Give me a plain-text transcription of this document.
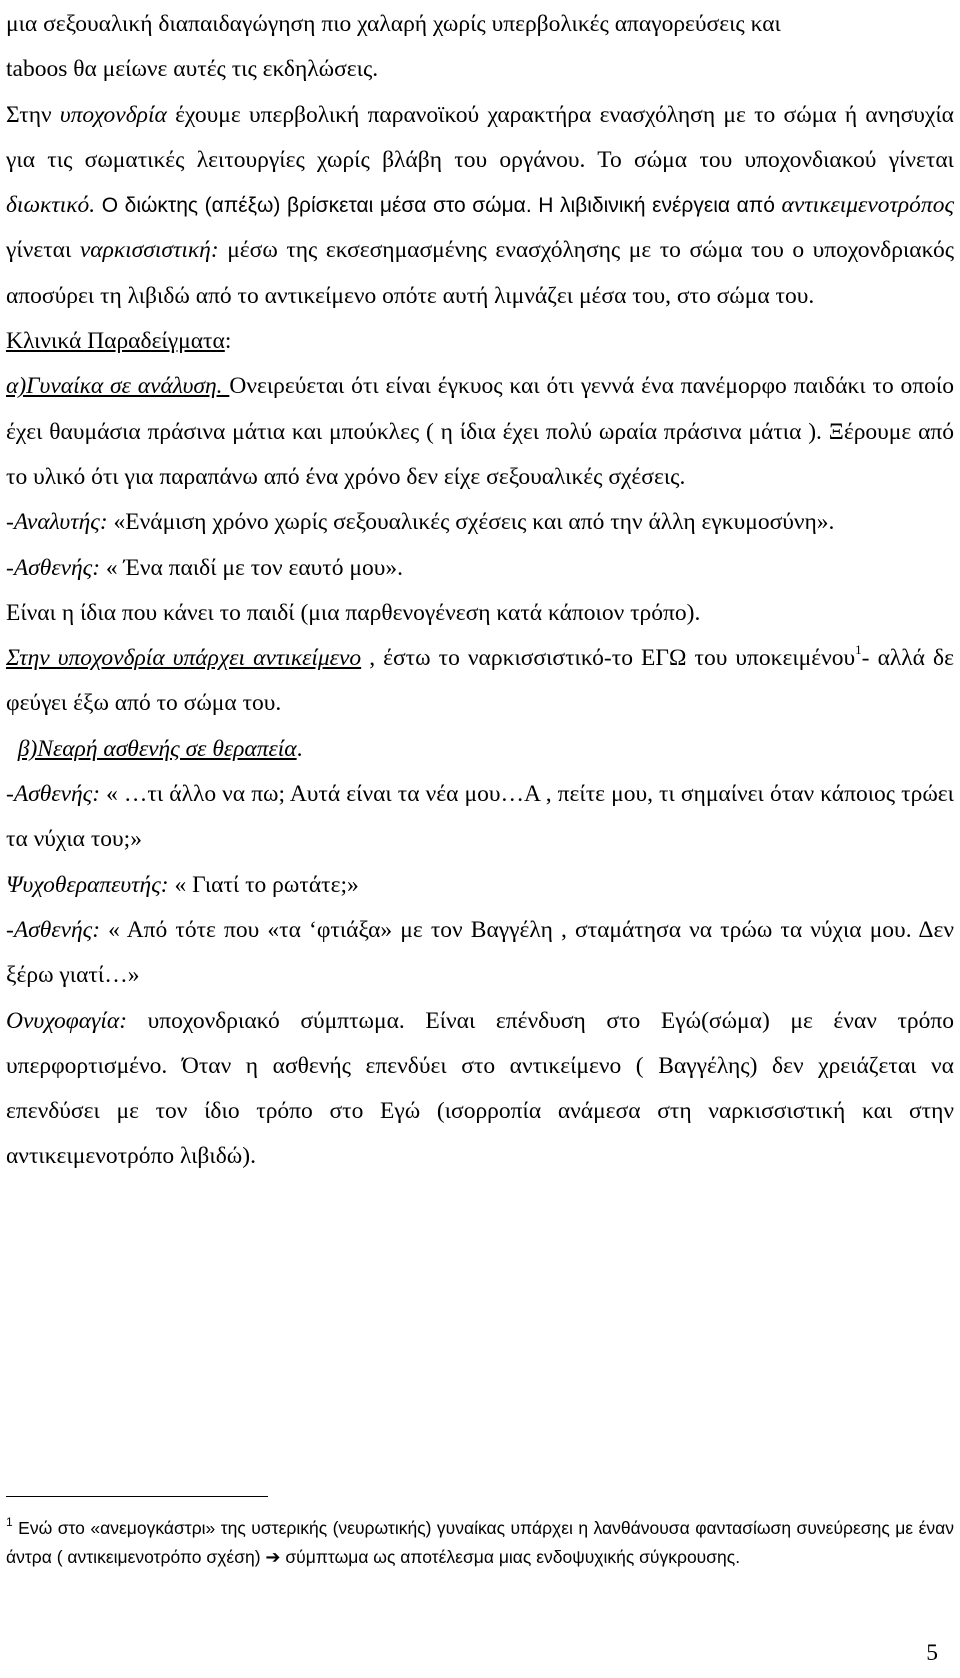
μια σεξουαλική διαπαιδαγώγηση πιο χαλαρή χωρίς υπερβολικές απαγορεύσεις και
taboos θα μείωνε αυτές τις εκδηλώσεις.

Στην υποχονδρία έχουμε υπερβολική παρανοϊκού χαρακτήρα ενασχόληση με το σώμα ή ανησυχία για τις σωματικές λειτουργίες χωρίς βλάβη του οργάνου. Το σώμα του υποχονδιακού γίνεται διωκτικό. Ο διώκτης (απέξω) βρίσκεται μέσα στο σώμα. Η λιβιδινική ενέργεια από αντικειμενοτρόπος γίνεται ναρκισσιστική: μέσω της εκσεσημασμένης ενασχόλησης με το σώμα του ο υποχονδριακός αποσύρει τη λιβιδώ από το αντικείμενο οπότε αυτή λιμνάζει μέσα του, στο σώμα του.

Κλινικά Παραδείγματα:

α)Γυναίκα σε ανάλυση. Ονειρεύεται ότι είναι έγκυος και ότι γεννά ένα πανέμορφο παιδάκι το οποίο έχει θαυμάσια πράσινα μάτια και μπούκλες ( η ίδια έχει πολύ ωραία πράσινα μάτια ). Ξέρουμε από το υλικό ότι για παραπάνω από ένα χρόνο δεν είχε σεξουαλικές σχέσεις.

-Αναλυτής: «Ενάμιση χρόνο χωρίς σεξουαλικές σχέσεις και από την άλλη εγκυμοσύνη».

-Ασθενής: « Ένα παιδί με τον εαυτό μου».

Είναι η ίδια που κάνει το παιδί (μια παρθενογένεση κατά κάποιον τρόπο).

Στην υποχονδρία υπάρχει αντικείμενο , έστω το ναρκισσιστικό-το ΕΓΩ του υποκειμένου$^1$- αλλά δε φεύγει έξω από το σώμα του.

β)Νεαρή ασθενής σε θεραπεία.

-Ασθενής: « …τι άλλο να πω; Αυτά είναι τα νέα μου…Α , πείτε μου, τι σημαίνει όταν κάποιος τρώει τα νύχια του;»

Ψυχοθεραπευτής: « Γιατί το ρωτάτε;»

-Ασθενής: « Από τότε που «τα ‘φτιάξα» με τον Βαγγέλη , σταμάτησα να τρώω τα νύχια μου. Δεν ξέρω γιατί…»

Ονυχοφαγία: υποχονδριακό σύμπτωμα. Είναι επένδυση στο Εγώ(σώμα) με έναν τρόπο υπερφορτισμένο. Όταν η ασθενής επενδύει στο αντικείμενο ( Βαγγέλης) δεν χρειάζεται να επενδύσει με τον ίδιο τρόπο στο Εγώ (ισορροπία ανάμεσα στη ναρκισσιστική και στην αντικειμενοτρόπο λιβιδώ).

$^1$ Ενώ στο «ανεμογκάστρι» της υστερικής (νευρωτικής) γυναίκας υπάρχει η λανθάνουσα φαντασίωση συνεύρεσης με έναν άντρα ( αντικειμενοτρόπο σχέση) ➔ σύμπτωμα ως αποτέλεσμα μιας ενδοψυχικής σύγκρουσης.
5
